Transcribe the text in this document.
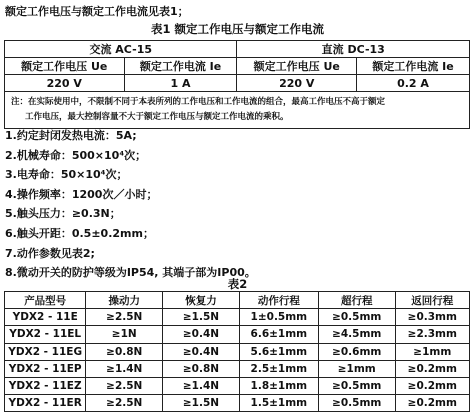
额定工作电压与额定工作电流见表1；
表1 额定工作电压与额定工作电流
交流 AC-15		直流 DC-13	
额定工作电压 Ue	额定工作电流 Ie	额定工作电压 Ue	额定工作电流 Ie
220 V	1 A	220 V	0.2 A

注：在实际使用中，不限制不同于本表所列的工作电压和工作电流的组合，最高工作电压不高于额定
工作电压，最大控制容量不大于额定工作电压与额定工作电流的乘积。			
1.约定封闭发热电流：5A;
2.机械寿命：500×10⁴次；
3.电寿命：50×10⁴次；
4.操作频率：1200次／小时；
5.触头压力：≥0.3N；
6.触头开距：0.5±0.2mm；
7.动作参数见表2;
8.微动开关的防护等级为IP54, 其端子部为IP00。
表2
产品型号	操动力	恢复力	动作行程	超行程	返回行程
YDX2 - 11E	≥2.5N	≥1.5N	1±0.5mm	≥0.5mm	≥0.3mm
YDX2 - 11EL	≥1N	≥0.4N	6.6±1mm	≥4.5mm	≥2.3mm
YDX2 - 11EG	≥0.8N	≥0.4N	5.6±1mm	≥0.6mm	≥1mm
YDX2 - 11EP	≥1.4N	≥0.8N	2.5±1mm	≥1mm	≥0.2mm
YDX2 - 11EZ	≥2.5N	≥1.4N	1.8±1mm	≥0.5mm	≥0.2mm
YDX2 - 11ER	≥2.5N	≥1.5N	1.5±1mm	≥0.5mm	≥0.2mm
